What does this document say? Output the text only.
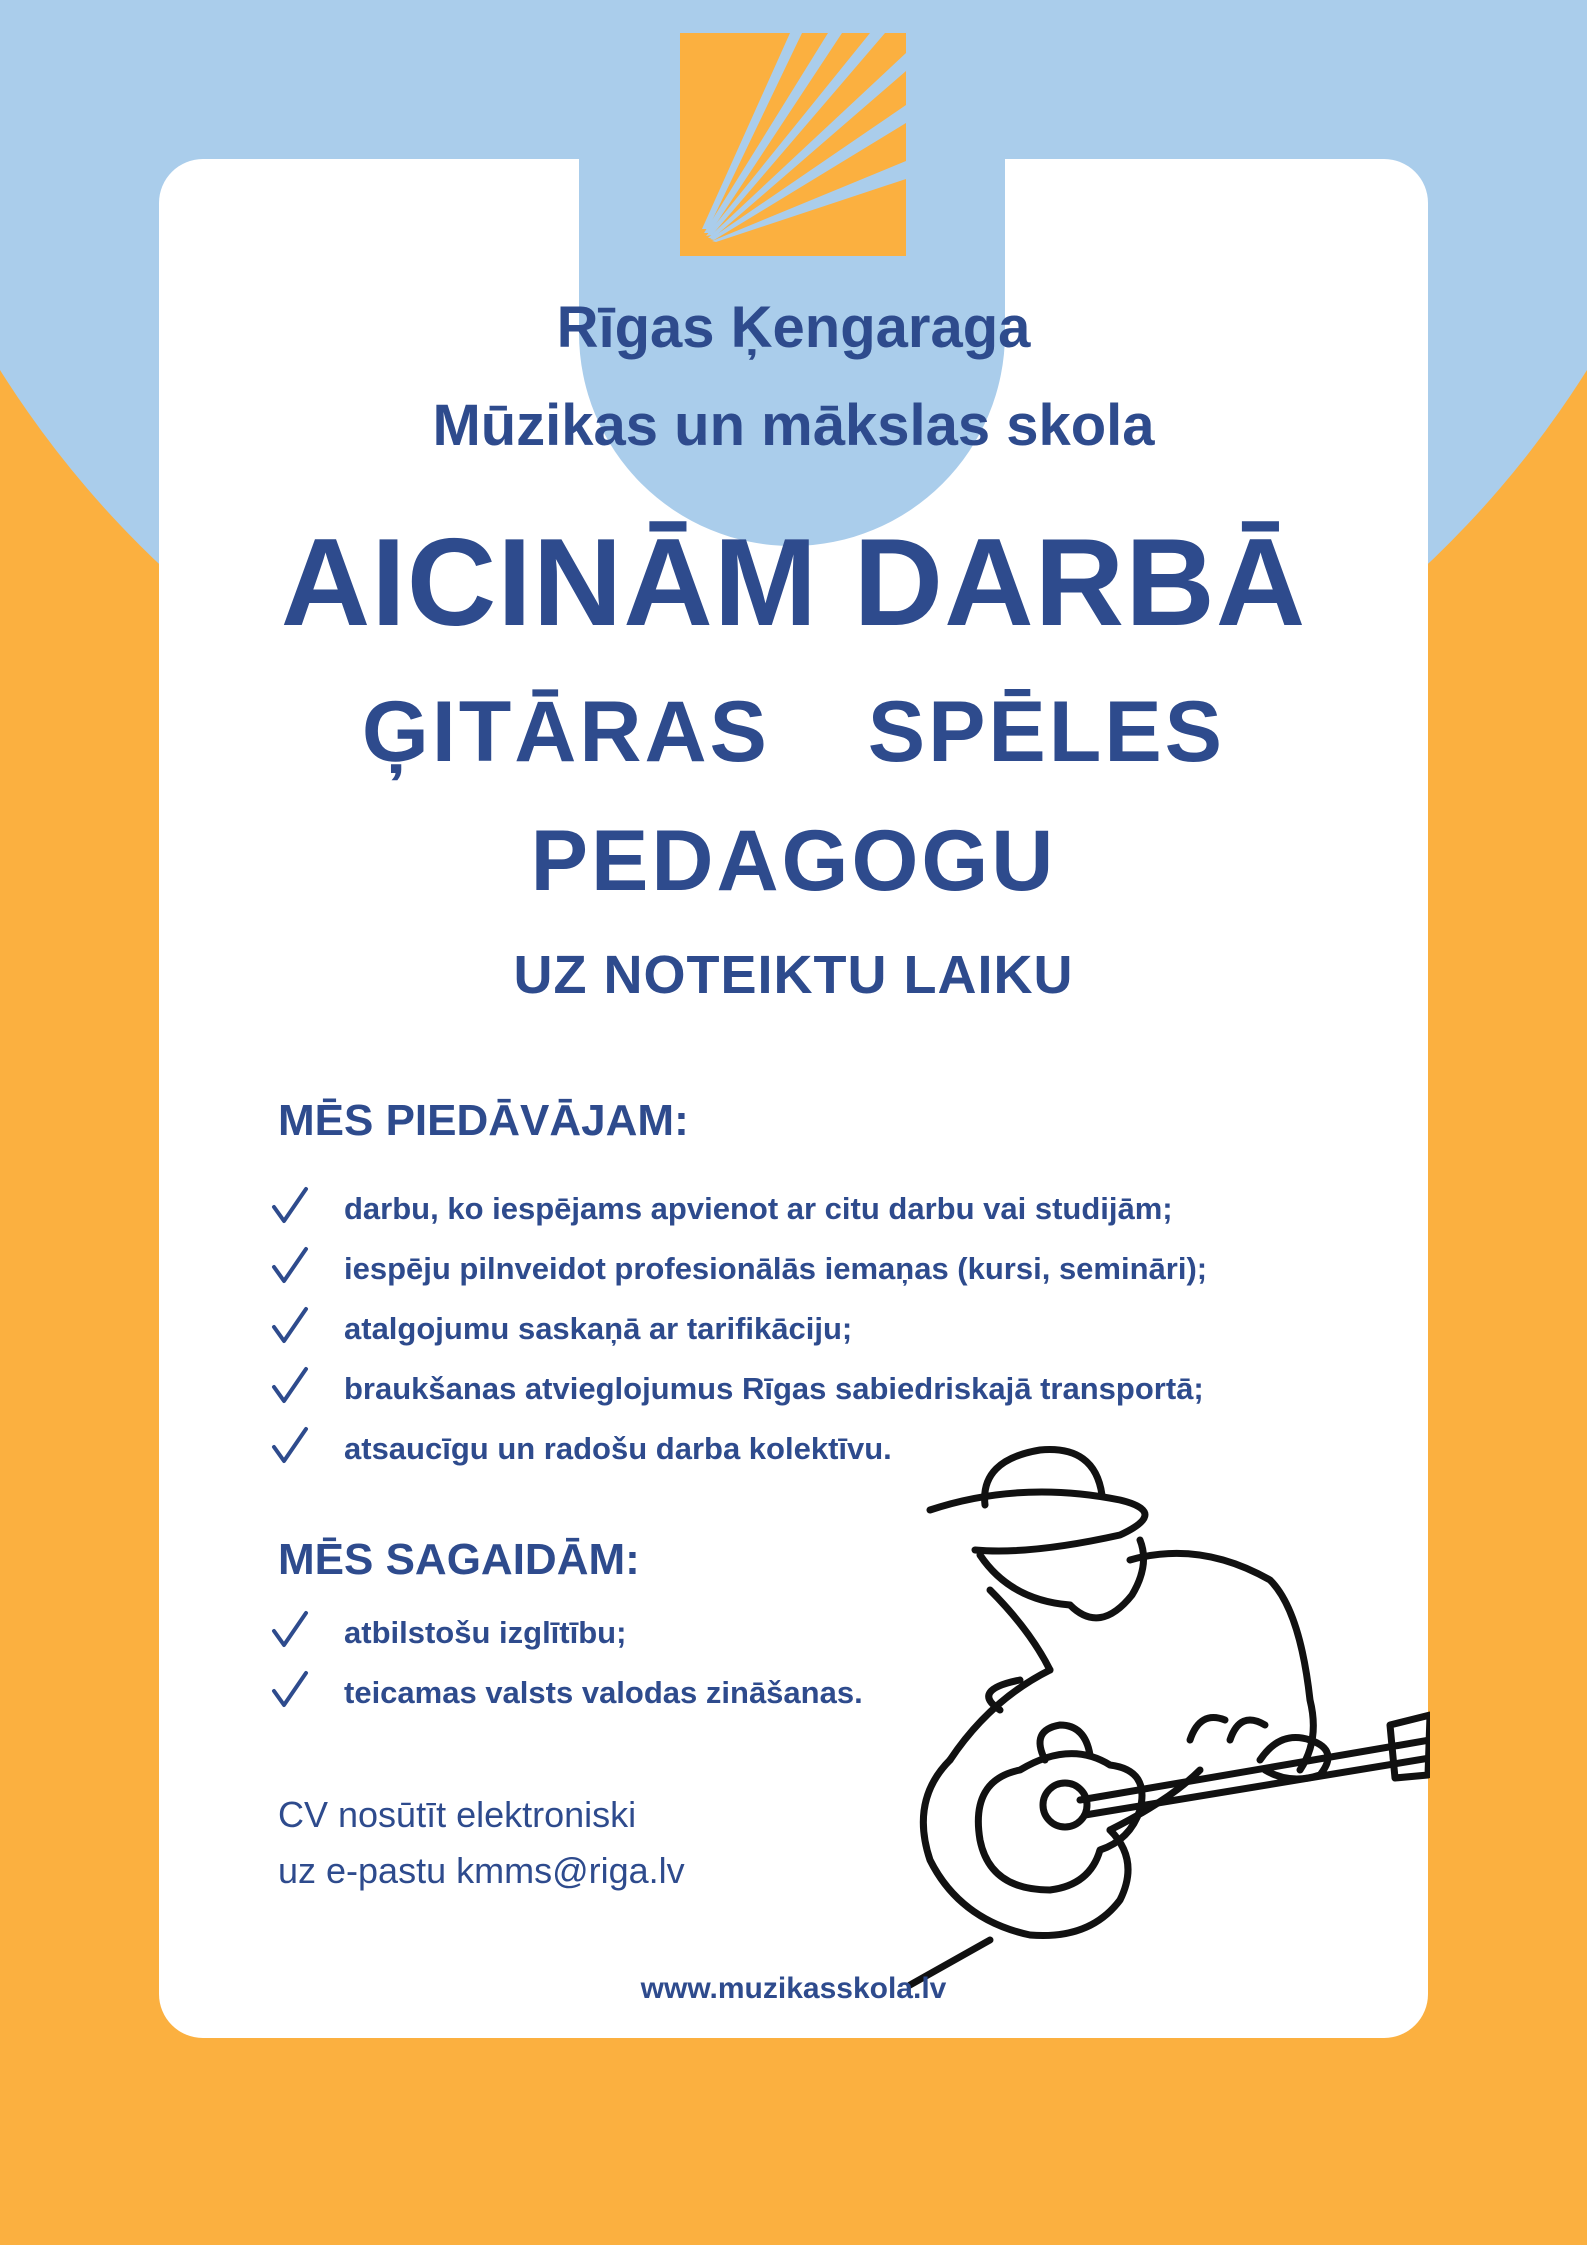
Rīgas Ķengaraga
Mūzikas un mākslas skola
AICINĀM DARBĀ
ĢITĀRAS  SPĒLES
PEDAGOGU
UZ NOTEIKTU LAIKU
MĒS PIEDĀVĀJAM:
darbu, ko iespējams apvienot ar citu darbu vai studijām;
iespēju pilnveidot profesionālās iemaņas (kursi, semināri);
atalgojumu saskaņā ar tarifikāciju;
braukšanas atvieglojumus Rīgas sabiedriskajā transportā;
atsaucīgu un radošu darba kolektīvu.
MĒS SAGAIDĀM:
atbilstošu izglītību;
teicamas valsts valodas zināšanas.
CV nosūtīt elektroniski
uz e-pastu kmms@riga.lv
www.muzikasskola.lv
